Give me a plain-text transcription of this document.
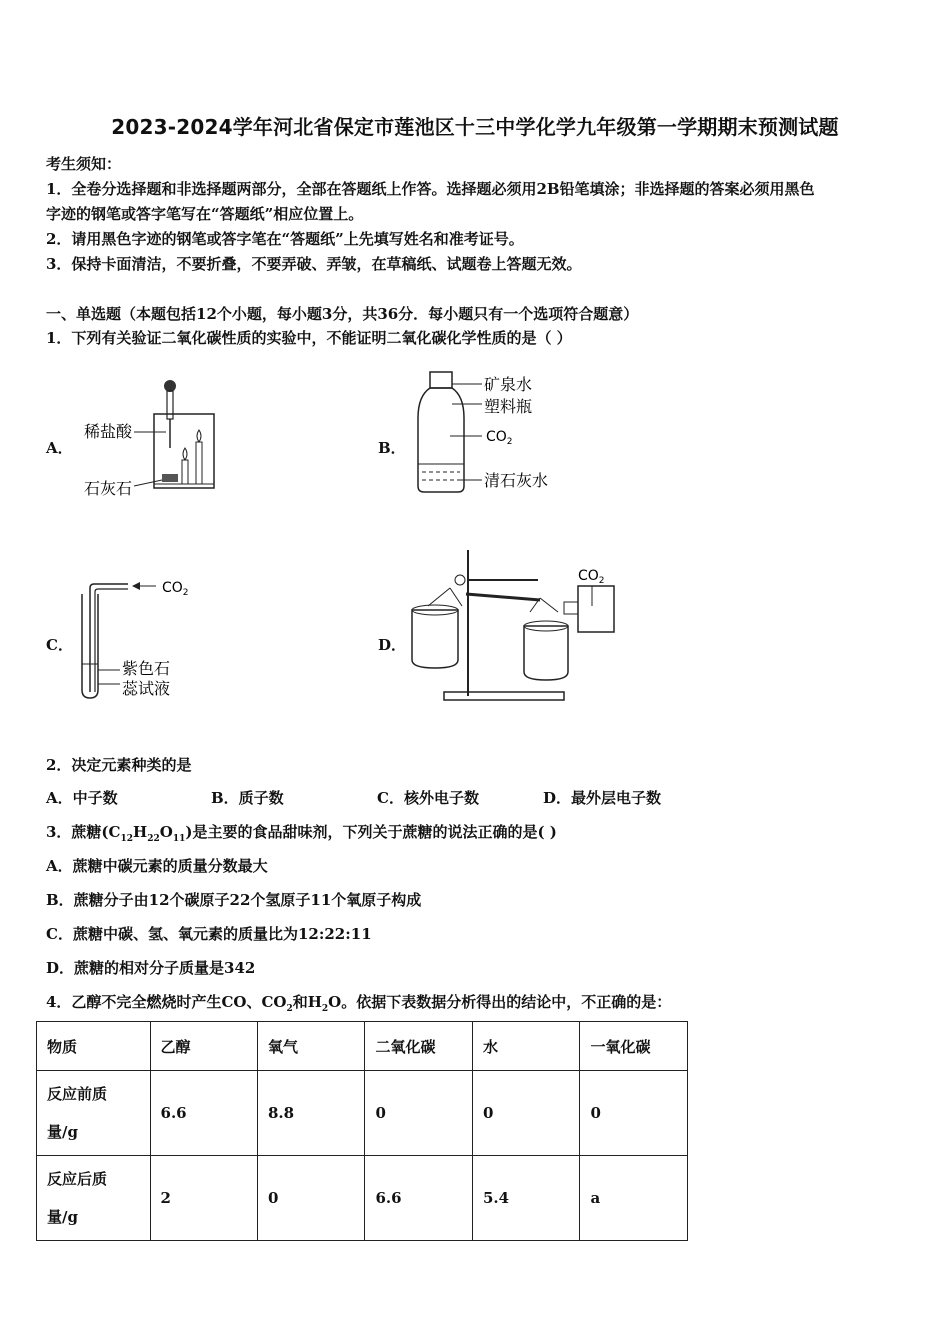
2023-2024学年河北省保定市莲池区十三中学化学九年级第一学期期末预测试题
考生须知：
1．全卷分选择题和非选择题两部分，全部在答题纸上作答。选择题必须用2B铅笔填涂；非选择题的答案必须用黑色
字迹的钢笔或答字笔写在“答题纸”相应位置上。
2．请用黑色字迹的钢笔或答字笔在“答题纸”上先填写姓名和准考证号。
3．保持卡面清洁，不要折叠，不要弄破、弄皱，在草稿纸、试题卷上答题无效。
一、单选题（本题包括12个小题，每小题3分，共36分．每小题只有一个选项符合题意）
1．下列有关验证二氧化碳性质的实验中，不能证明二氧化碳化学性质的是（ ）
A．	B．
C．	D．
稀盐酸
石灰石
矿泉水
塑料瓶
$CO_2$
清石灰水
$CO_2$
紫色石
蕊试液
$CO_2$
2．决定元素种类的是
A．中子数	B．质子数	C．核外电子数	D．最外层电子数
3．蔗糖$(C_{12}H_{22}O_{11})$是主要的食品甜味剂，下列关于蔗糖的说法正确的是( )
A．蔗糖中碳元素的质量分数最大
B．蔗糖分子由12个碳原子22个氢原子11个氧原子构成
C．蔗糖中碳、氢、氧元素的质量比为12:22:11
D．蔗糖的相对分子质量是342
4．乙醇不完全燃烧时产生CO、$CO_2$和$H_2O$。依据下表数据分析得出的结论中，不正确的是：
物质	乙醇	氧气	二氧化碳	水	一氧化碳
反应前质
量/g	6.6	8.8	0	0	0
反应后质
量/g	2	0	6.6	5.4	a
